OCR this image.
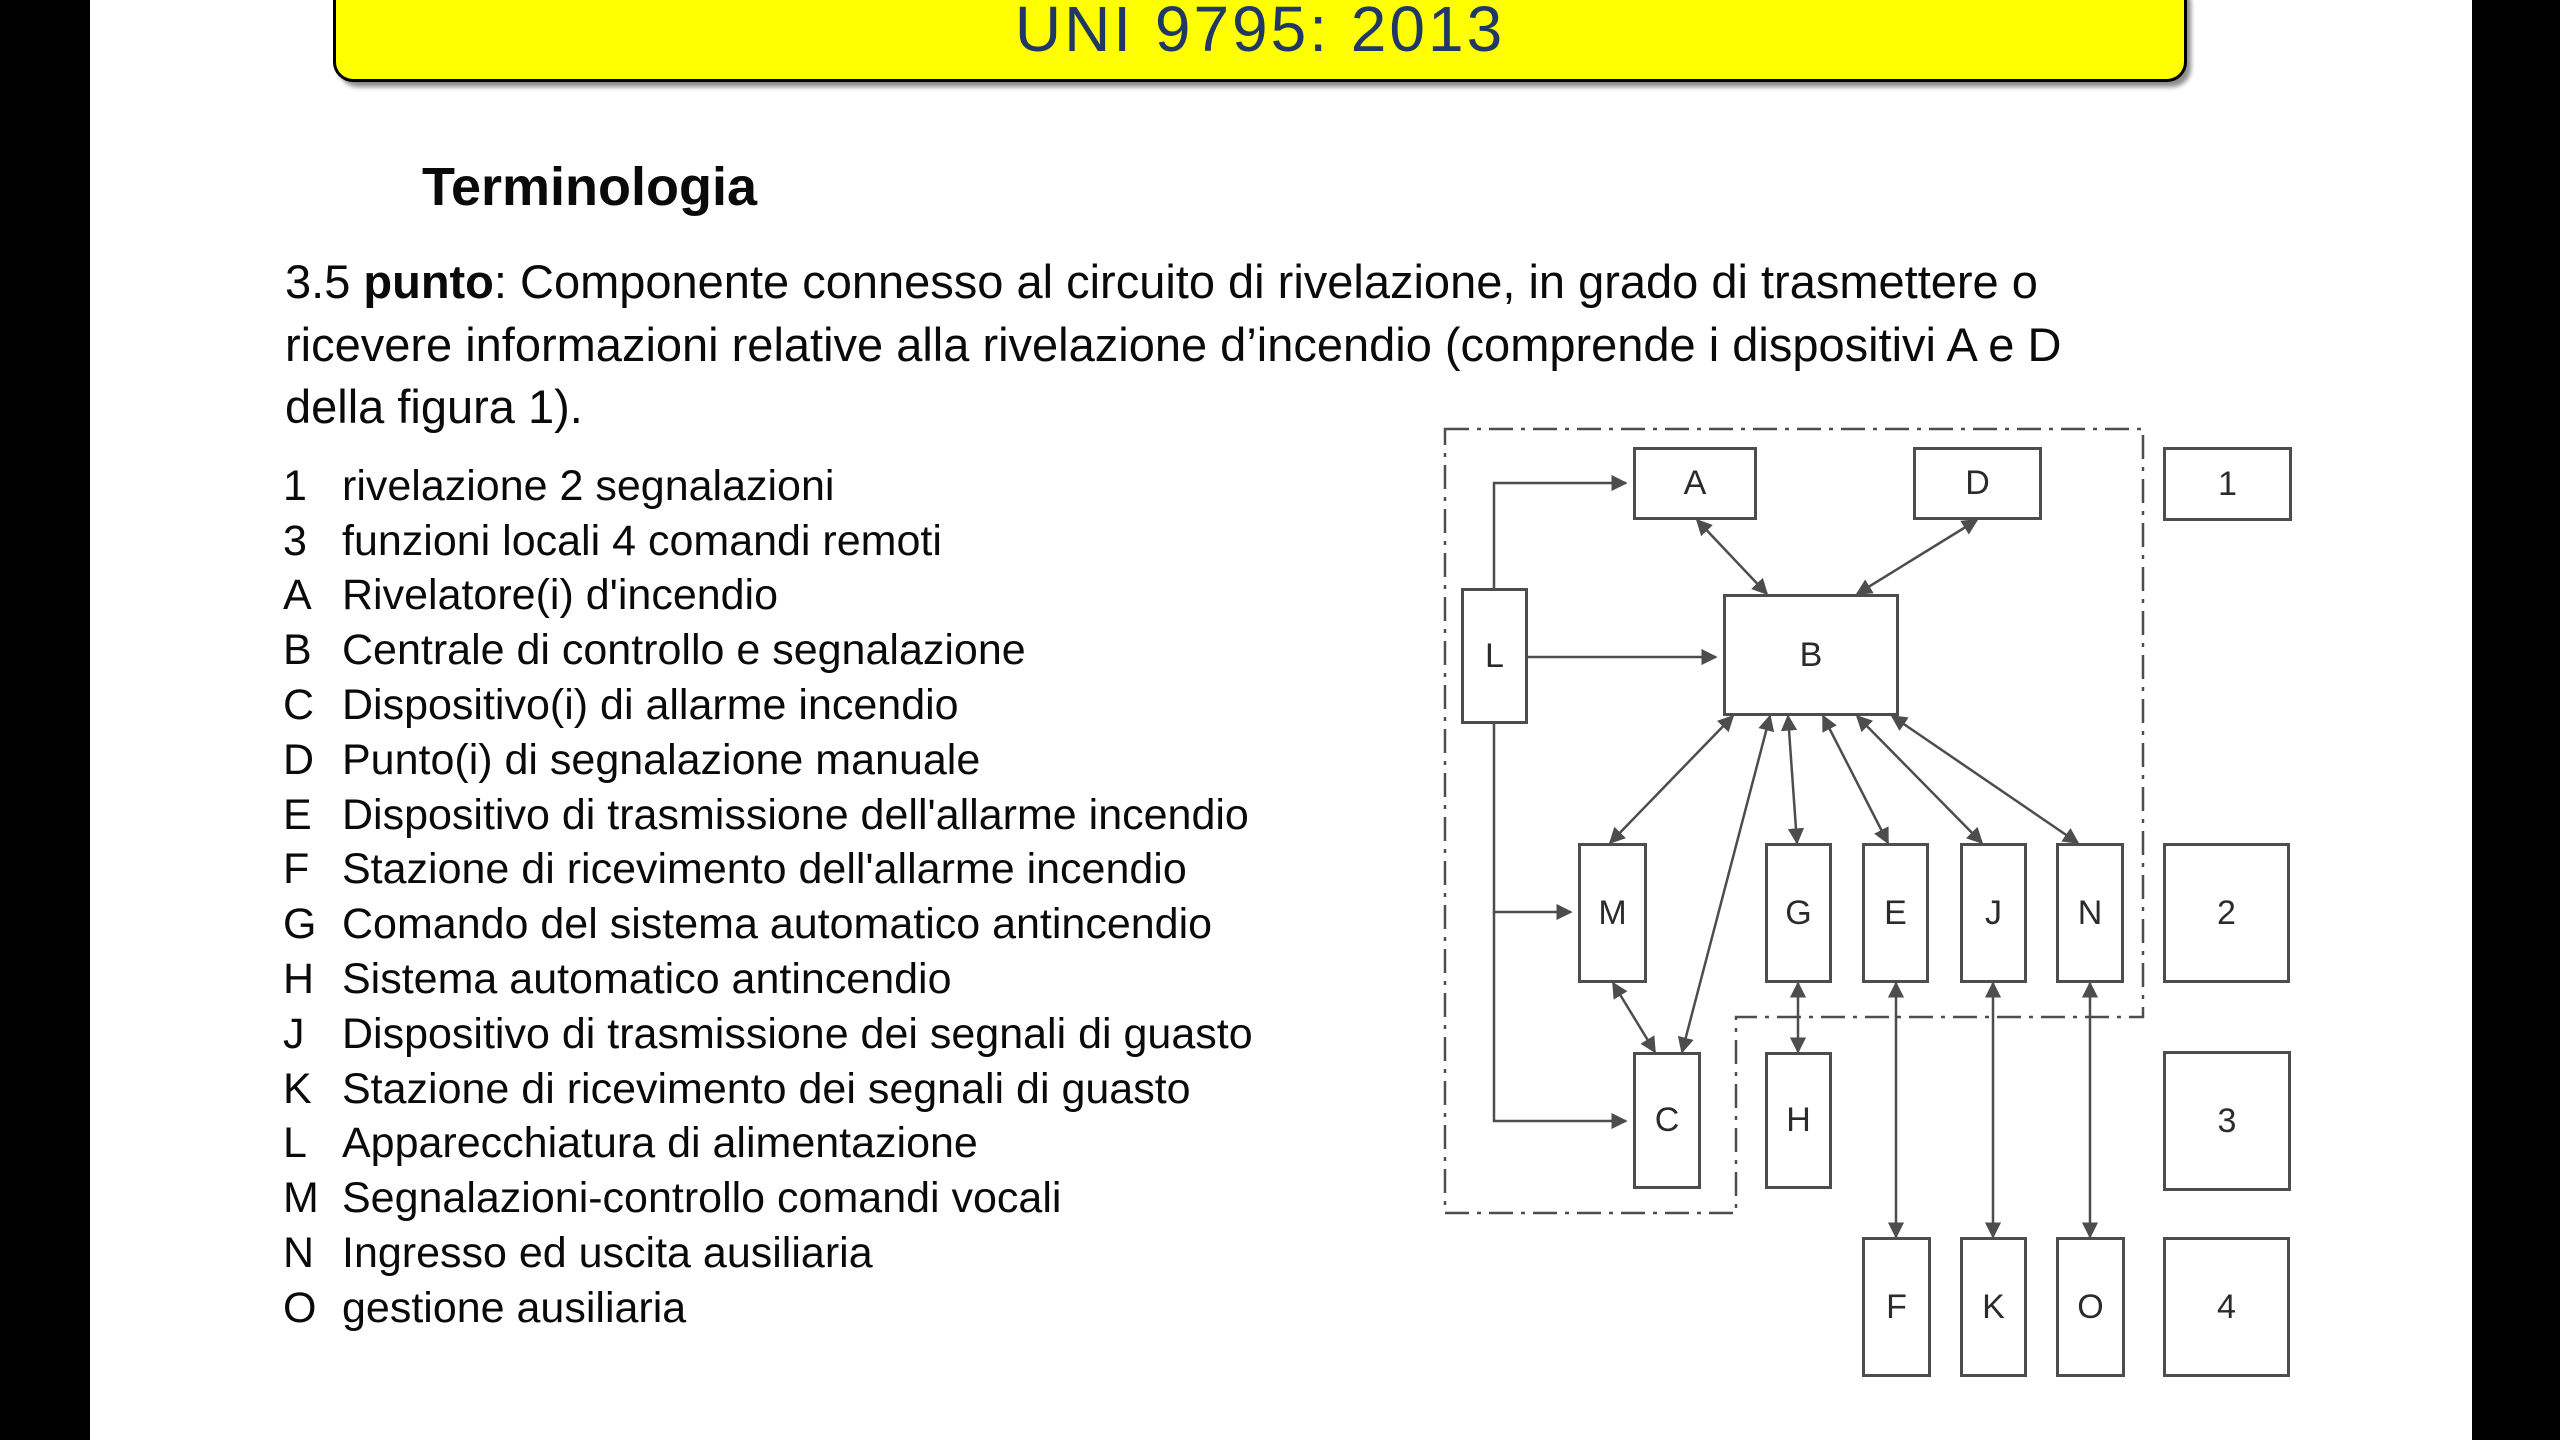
UNI 9795: 2013
Terminologia
3.5 punto: Componente connesso al circuito di rivelazione, in grado di trasmettere o
ricevere informazioni relative alla rivelazione d’incendio (comprende i dispositivi A e D
della figura 1).
1 rivelazione 2 segnalazioni
3 funzioni locali 4 comandi remoti
A Rivelatore(i) d'incendio
B Centrale di controllo e segnalazione
C Dispositivo(i) di allarme incendio
D Punto(i) di segnalazione manuale
E Dispositivo di trasmissione dell'allarme incendio
F Stazione di ricevimento dell'allarme incendio
G Comando del sistema automatico antincendio
H Sistema automatico antincendio
J Dispositivo di trasmissione dei segnali di guasto
K Stazione di ricevimento dei segnali di guasto
L Apparecchiatura di alimentazione
M Segnalazioni-controllo comandi vocali
N Ingresso ed uscita ausiliaria
O gestione ausiliaria
A	D	1
L	B
M	G E J N	2
C	H	3
F K O	4
